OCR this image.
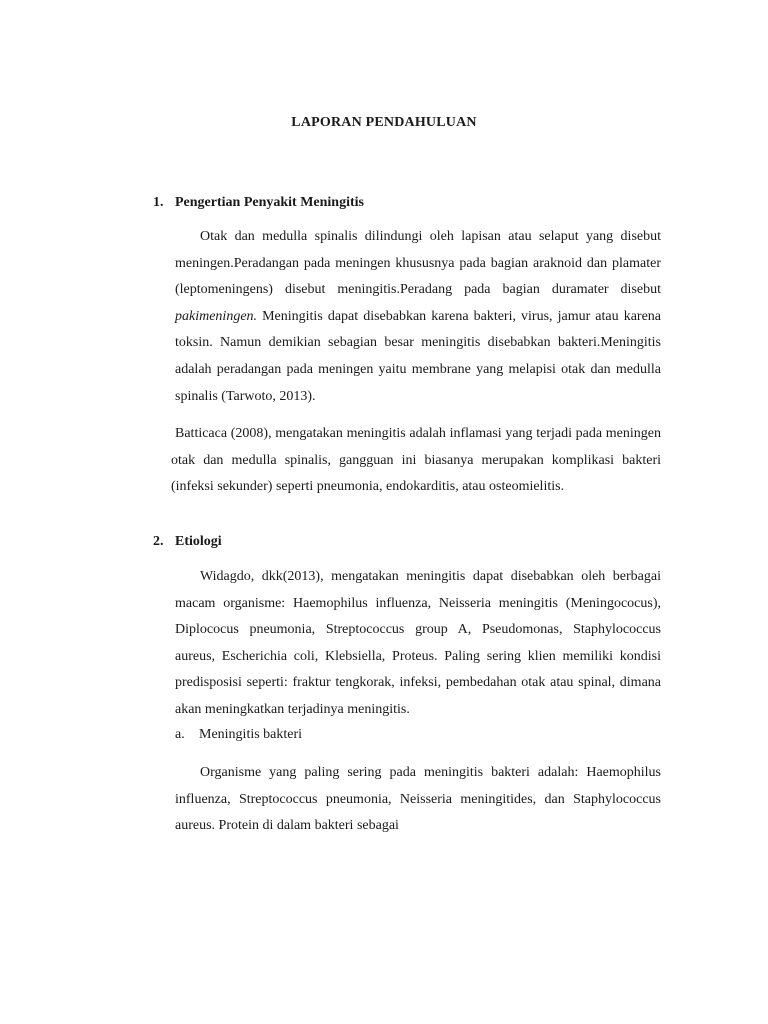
LAPORAN PENDAHULUAN
1. Pengertian Penyakit Meningitis

Otak dan medulla spinalis dilindungi oleh lapisan atau selaput yang disebut meningen.Peradangan pada meningen khususnya pada bagian araknoid dan plamater (leptomeningens) disebut meningitis.Peradang pada bagian duramater disebut pakimeningen. Meningitis dapat disebabkan karena bakteri, virus, jamur atau karena toksin. Namun demikian sebagian besar meningitis disebabkan bakteri.Meningitis adalah peradangan pada meningen yaitu membrane yang melapisi otak dan medulla spinalis (Tarwoto, 2013).

Batticaca (2008), mengatakan meningitis adalah inflamasi yang terjadi pada meningen otak dan medulla spinalis, gangguan ini biasanya merupakan komplikasi bakteri (infeksi sekunder) seperti pneumonia, endokarditis, atau osteomielitis.

2. Etiologi

Widagdo, dkk(2013), mengatakan meningitis dapat disebabkan oleh berbagai macam organisme: Haemophilus influenza, Neisseria meningitis (Meningococus), Diplococus pneumonia, Streptococcus group A, Pseudomonas, Staphylococcus aureus, Escherichia coli, Klebsiella, Proteus. Paling sering klien memiliki kondisi predisposisi seperti: fraktur tengkorak, infeksi, pembedahan otak atau spinal, dimana akan meningkatkan terjadinya meningitis.

a. Meningitis bakteri

Organisme yang paling sering pada meningitis bakteri adalah: Haemophilus influenza, Streptococcus pneumonia, Neisseria meningitides, dan Staphylococcus aureus. Protein di dalam bakteri sebagai
